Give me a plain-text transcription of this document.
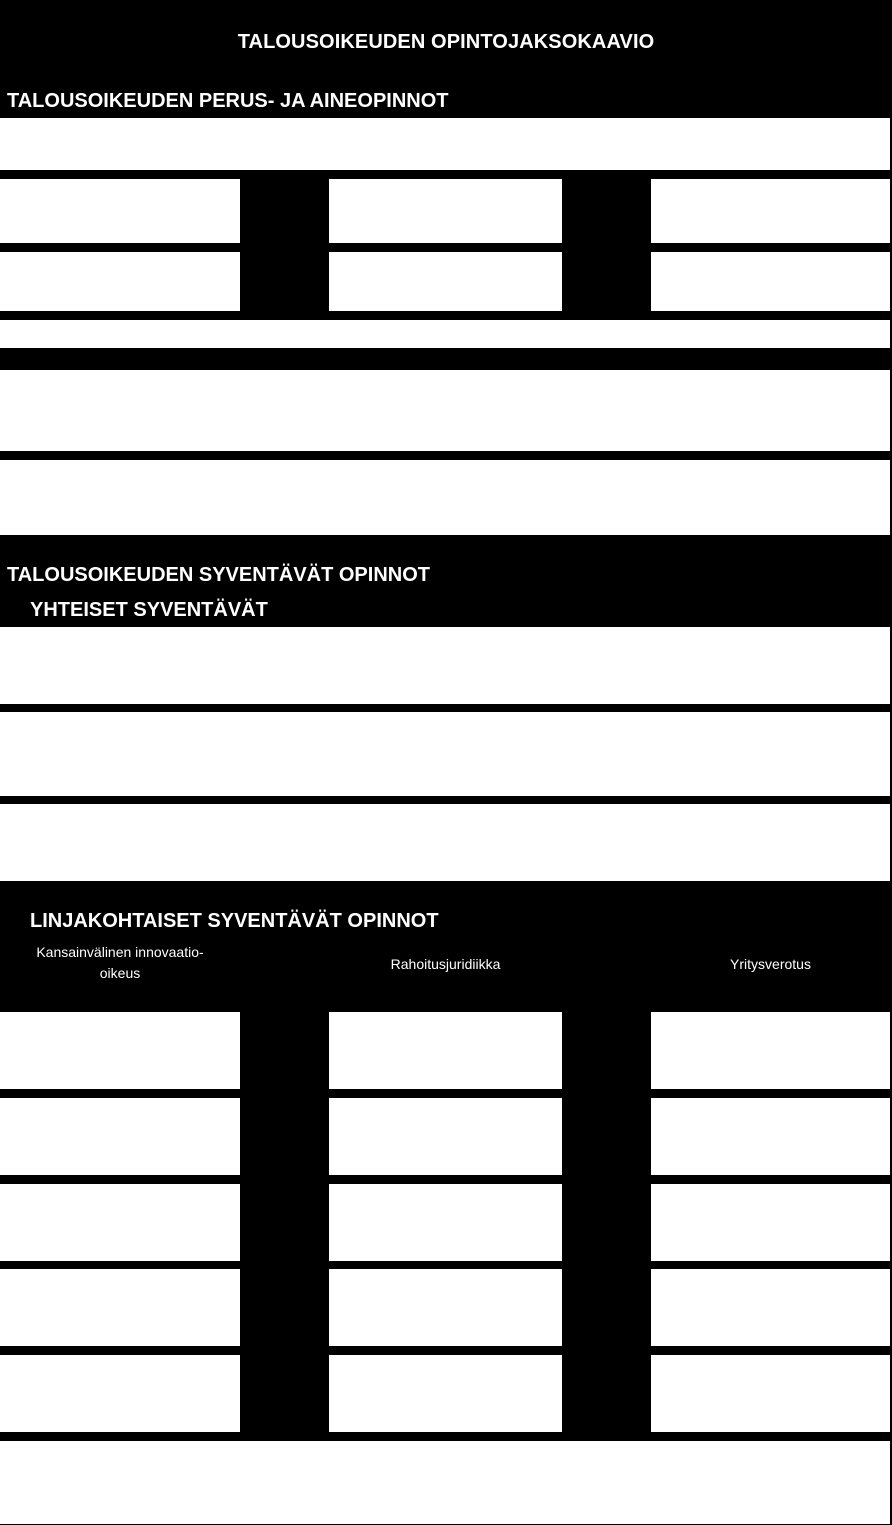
TALOUSOIKEUDEN OPINTOJAKSOKAAVIO
TALOUSOIKEUDEN PERUS- JA AINEOPINNOT
TALOUSOIKEUDEN SYVENTÄVÄT OPINNOT
YHTEISET SYVENTÄVÄT
LINJAKOHTAISET SYVENTÄVÄT OPINNOT
Kansainvälinen innovaatio-
oikeus
Rahoitusjuridiikka	Yritysverotus
